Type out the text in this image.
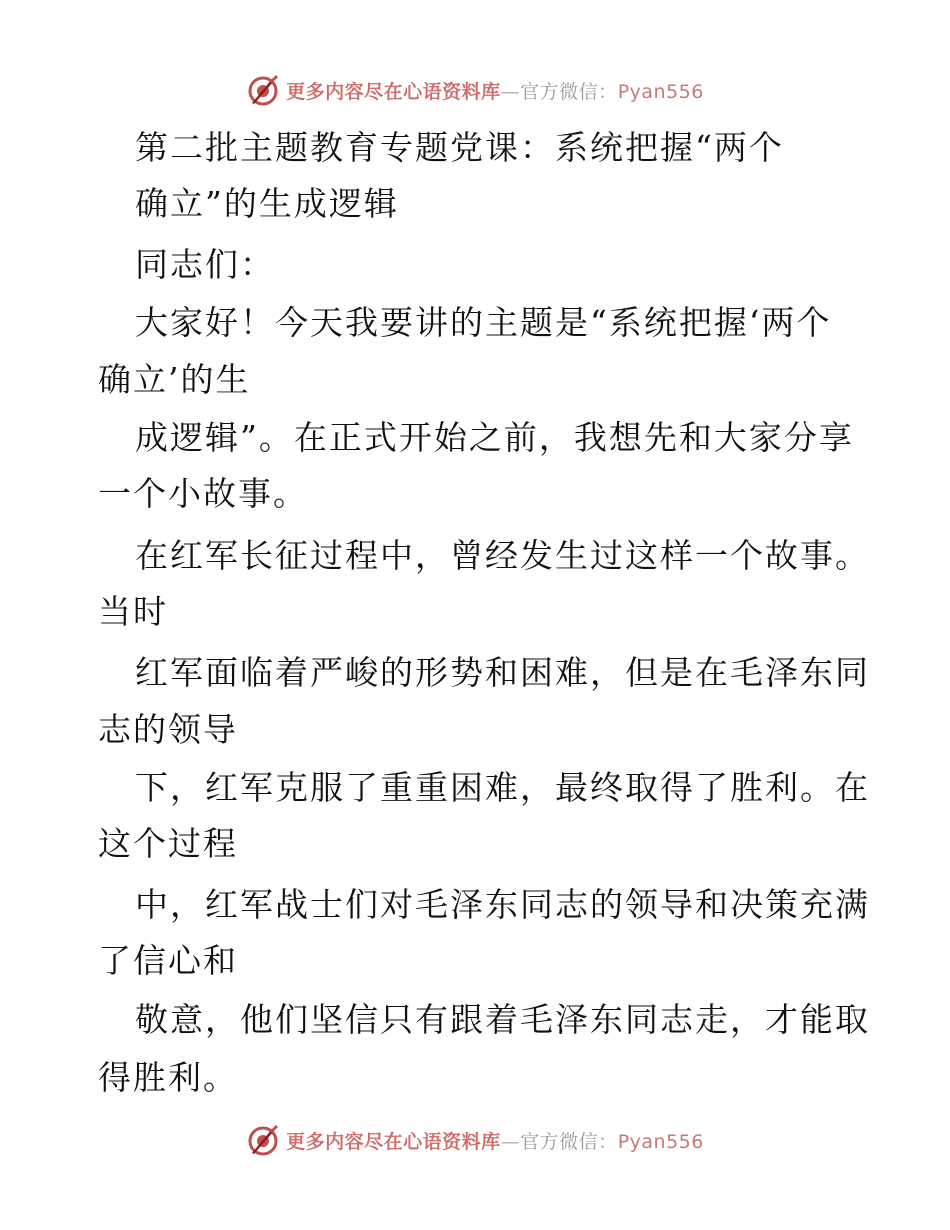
更多内容尽在心语资料库—官方微信：Pyan556
第二批主题教育专题党课：系统把握“两个
确立”的生成逻辑
同志们：
大家好！今天我要讲的主题是“系统把握‘两个
确立’的生
成逻辑”。在正式开始之前，我想先和大家分享
一个小故事。
在红军长征过程中，曾经发生过这样一个故事。
当时
红军面临着严峻的形势和困难，但是在毛泽东同
志的领导
下，红军克服了重重困难，最终取得了胜利。在
这个过程
中，红军战士们对毛泽东同志的领导和决策充满
了信心和
敬意，他们坚信只有跟着毛泽东同志走，才能取
得胜利。
更多内容尽在心语资料库—官方微信：Pyan556
